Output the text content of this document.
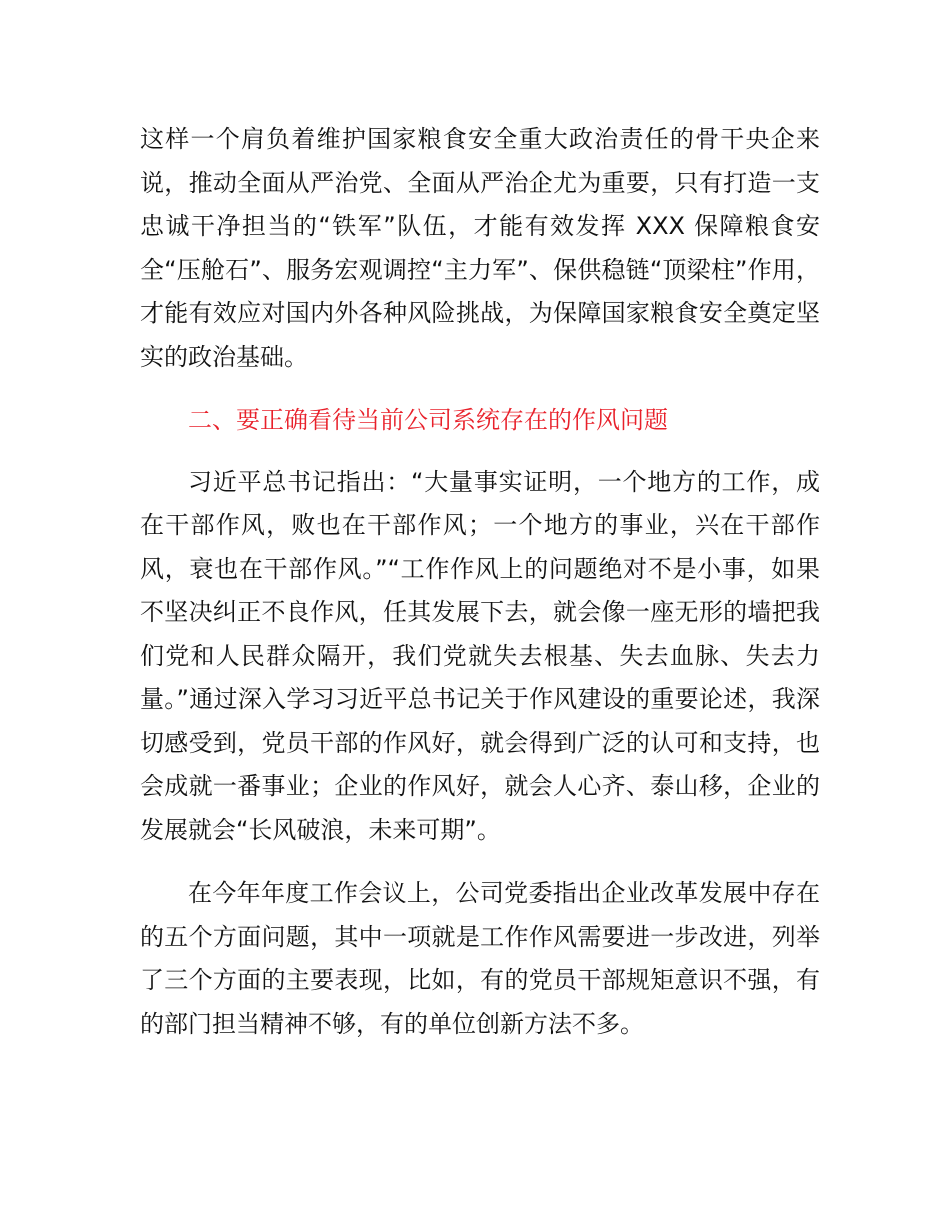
这样一个肩负着维护国家粮食安全重大政治责任的骨干央企来说，推动全面从严治党、全面从严治企尤为重要，只有打造一支忠诚干净担当的“铁军”队伍，才能有效发挥 XXX 保障粮食安全“压舱石”、服务宏观调控“主力军”、保供稳链“顶梁柱”作用，才能有效应对国内外各种风险挑战，为保障国家粮食安全奠定坚实的政治基础。

二、要正确看待当前公司系统存在的作风问题

习近平总书记指出：“大量事实证明，一个地方的工作，成在干部作风，败也在干部作风；一个地方的事业，兴在干部作风，衰也在干部作风。”“工作作风上的问题绝对不是小事，如果不坚决纠正不良作风，任其发展下去，就会像一座无形的墙把我们党和人民群众隔开，我们党就失去根基、失去血脉、失去力量。”通过深入学习习近平总书记关于作风建设的重要论述，我深切感受到，党员干部的作风好，就会得到广泛的认可和支持，也会成就一番事业；企业的作风好，就会人心齐、泰山移，企业的发展就会“长风破浪，未来可期”。

在今年年度工作会议上，公司党委指出企业改革发展中存在的五个方面问题，其中一项就是工作作风需要进一步改进，列举了三个方面的主要表现，比如，有的党员干部规矩意识不强，有的部门担当精神不够，有的单位创新方法不多。
